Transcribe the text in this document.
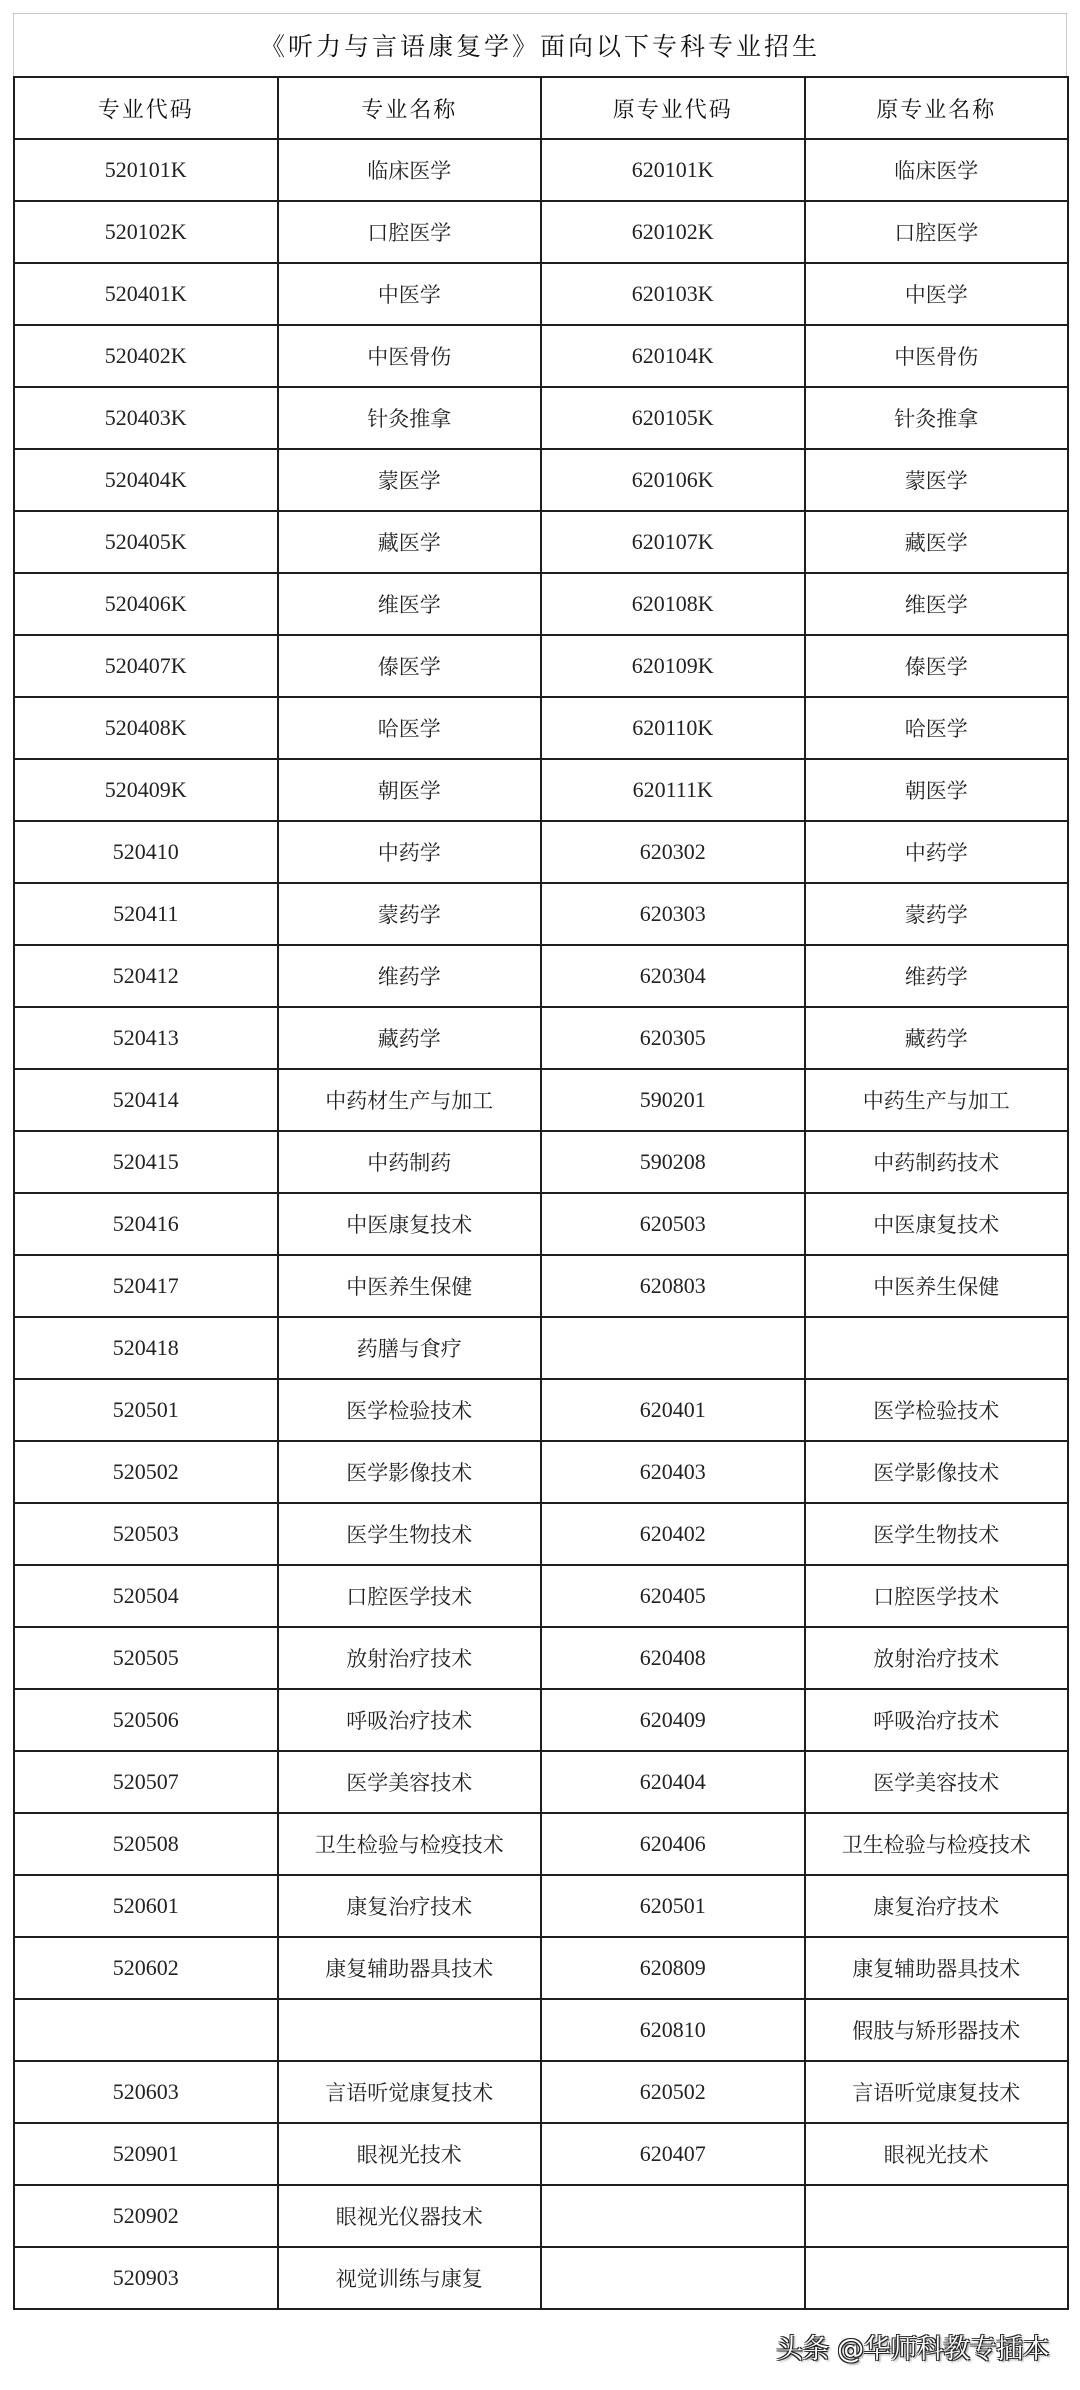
《听力与言语康复学》面向以下专科专业招生
专业代码	专业名称	原专业代码	原专业名称
520101K	临床医学	620101K	临床医学
520102K	口腔医学	620102K	口腔医学
520401K	中医学	620103K	中医学
520402K	中医骨伤	620104K	中医骨伤
520403K	针灸推拿	620105K	针灸推拿
520404K	蒙医学	620106K	蒙医学
520405K	藏医学	620107K	藏医学
520406K	维医学	620108K	维医学
520407K	傣医学	620109K	傣医学
520408K	哈医学	620110K	哈医学
520409K	朝医学	620111K	朝医学
520410	中药学	620302	中药学
520411	蒙药学	620303	蒙药学
520412	维药学	620304	维药学
520413	藏药学	620305	藏药学
520414	中药材生产与加工	590201	中药生产与加工
520415	中药制药	590208	中药制药技术
520416	中医康复技术	620503	中医康复技术
520417	中医养生保健	620803	中医养生保健
520418	药膳与食疗		
520501	医学检验技术	620401	医学检验技术
520502	医学影像技术	620403	医学影像技术
520503	医学生物技术	620402	医学生物技术
520504	口腔医学技术	620405	口腔医学技术
520505	放射治疗技术	620408	放射治疗技术
520506	呼吸治疗技术	620409	呼吸治疗技术
520507	医学美容技术	620404	医学美容技术
520508	卫生检验与检疫技术	620406	卫生检验与检疫技术
520601	康复治疗技术	620501	康复治疗技术
520602	康复辅助器具技术	620809	康复辅助器具技术
		620810	假肢与矫形器技术
520603	言语听觉康复技术	620502	言语听觉康复技术
520901	眼视光技术	620407	眼视光技术
520902	眼视光仪器技术		
520903	视觉训练与康复		
头条 @华师科教专插本
